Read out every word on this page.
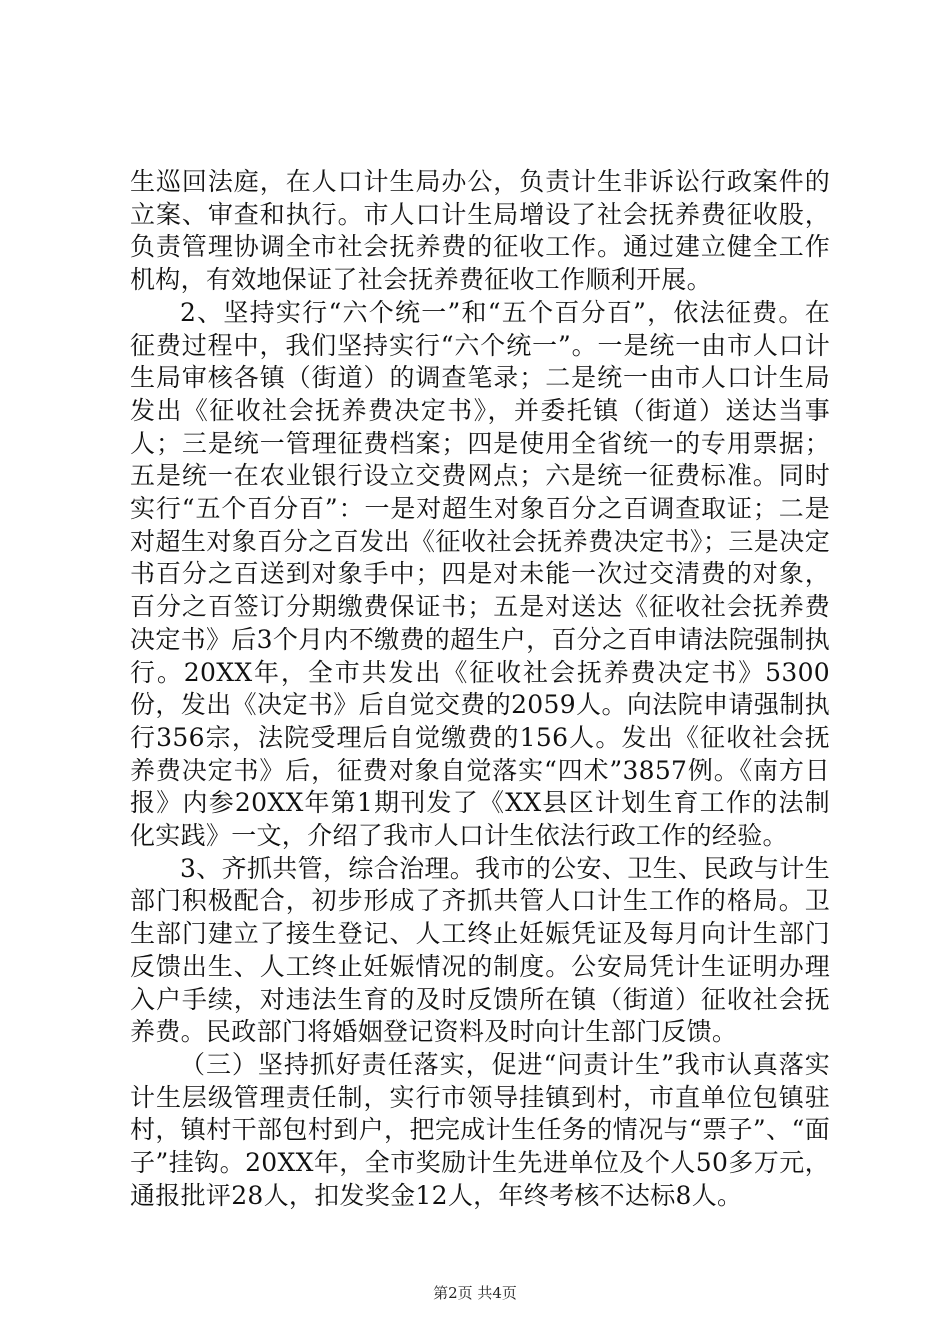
生巡回法庭，在人口计生局办公，负责计生非诉讼行政案件的立案、审查和执行。市人口计生局增设了社会抚养费征收股，负责管理协调全市社会抚养费的征收工作。通过建立健全工作机构，有效地保证了社会抚养费征收工作顺利开展。

2、坚持实行“六个统一”和“五个百分百”，依法征费。在征费过程中，我们坚持实行“六个统一”。一是统一由市人口计生局审核各镇（街道）的调查笔录；二是统一由市人口计生局发出《征收社会抚养费决定书》，并委托镇（街道）送达当事人；三是统一管理征费档案；四是使用全省统一的专用票据；五是统一在农业银行设立交费网点；六是统一征费标准。同时实行“五个百分百”：一是对超生对象百分之百调查取证；二是对超生对象百分之百发出《征收社会抚养费决定书》；三是决定书百分之百送到对象手中；四是对未能一次过交清费的对象，百分之百签订分期缴费保证书；五是对送达《征收社会抚养费决定书》后3个月内不缴费的超生户，百分之百申请法院强制执行。20XX年，全市共发出《征收社会抚养费决定书》5300份，发出《决定书》后自觉交费的2059人。向法院申请强制执行356宗，法院受理后自觉缴费的156人。发出《征收社会抚养费决定书》后，征费对象自觉落实“四术”3857例。《南方日报》内参20XX年第1期刊发了《XX县区计划生育工作的法制化实践》一文，介绍了我市人口计生依法行政工作的经验。

3、齐抓共管，综合治理。我市的公安、卫生、民政与计生部门积极配合，初步形成了齐抓共管人口计生工作的格局。卫生部门建立了接生登记、人工终止妊娠凭证及每月向计生部门反馈出生、人工终止妊娠情况的制度。公安局凭计生证明办理入户手续，对违法生育的及时反馈所在镇（街道）征收社会抚养费。民政部门将婚姻登记资料及时向计生部门反馈。

（三）坚持抓好责任落实，促进“问责计生”我市认真落实计生层级管理责任制，实行市领导挂镇到村，市直单位包镇驻村，镇村干部包村到户，把完成计生任务的情况与“票子”、“面子”挂钩。20XX年，全市奖励计生先进单位及个人50多万元，通报批评28人，扣发奖金12人，年终考核不达标8人。

第2页 共4页
